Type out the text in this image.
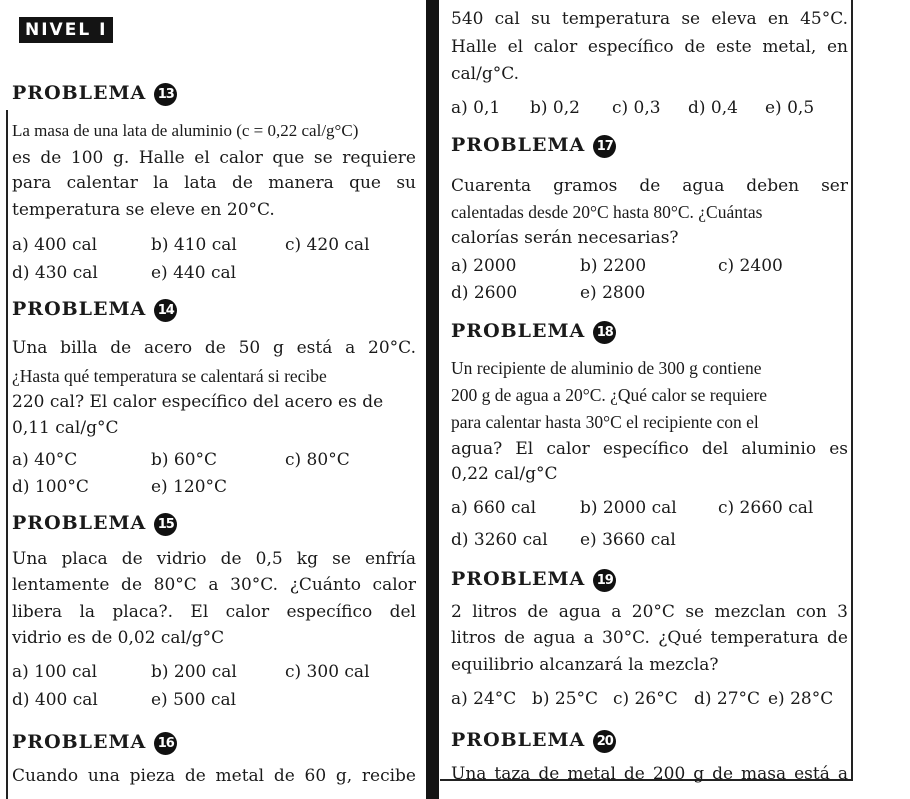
NIVEL I
PROBLEMA 13
La masa de una lata de aluminio (c = 0,22 cal/g°C)
es de 100 g. Halle el calor que se requiere
para calentar la lata de manera que su
temperatura se eleve en 20°C.
a) 400 cal	b) 410 cal	c) 420 cal
d) 430 cal	e) 440 cal
PROBLEMA 14
Una billa de acero de 50 g está a 20°C.
¿Hasta qué temperatura se calentará si recibe
220 cal? El calor específico del acero es de
0,11 cal/g°C
a) 40°C	b) 60°C	c) 80°C
d) 100°C	e) 120°C
PROBLEMA 15
Una placa de vidrio de 0,5 kg se enfría
lentamente de 80°C a 30°C. ¿Cuánto calor
libera la placa?. El calor específico del
vidrio es de 0,02 cal/g°C
a) 100 cal	b) 200 cal	c) 300 cal
d) 400 cal	e) 500 cal
PROBLEMA 16
Cuando una pieza de metal de 60 g, recibe
540 cal su temperatura se eleva en 45°C.
Halle el calor específico de este metal, en
cal/g°C.
a) 0,1 b) 0,2 c) 0,3 d) 0,4 e) 0,5
PROBLEMA 17
Cuarenta gramos de agua deben ser
calentadas desde 20°C hasta 80°C. ¿Cuántas
calorías serán necesarias?
a) 2000	b) 2200	c) 2400
d) 2600	e) 2800
PROBLEMA 18
Un recipiente de aluminio de 300 g contiene
200 g de agua a 20°C. ¿Qué calor se requiere
para calentar hasta 30°C el recipiente con el
agua? El calor específico del aluminio es
0,22 cal/g°C
a) 660 cal	b) 2000 cal c) 2660 cal
d) 3260 cal e) 3660 cal
PROBLEMA 19
2 litros de agua a 20°C se mezclan con 3
litros de agua a 30°C. ¿Qué temperatura de
equilibrio alcanzará la mezcla?
a) 24°C b) 25°C c) 26°C d) 27°C e) 28°C
PROBLEMA 20
Una taza de metal de 200 g de masa está a
